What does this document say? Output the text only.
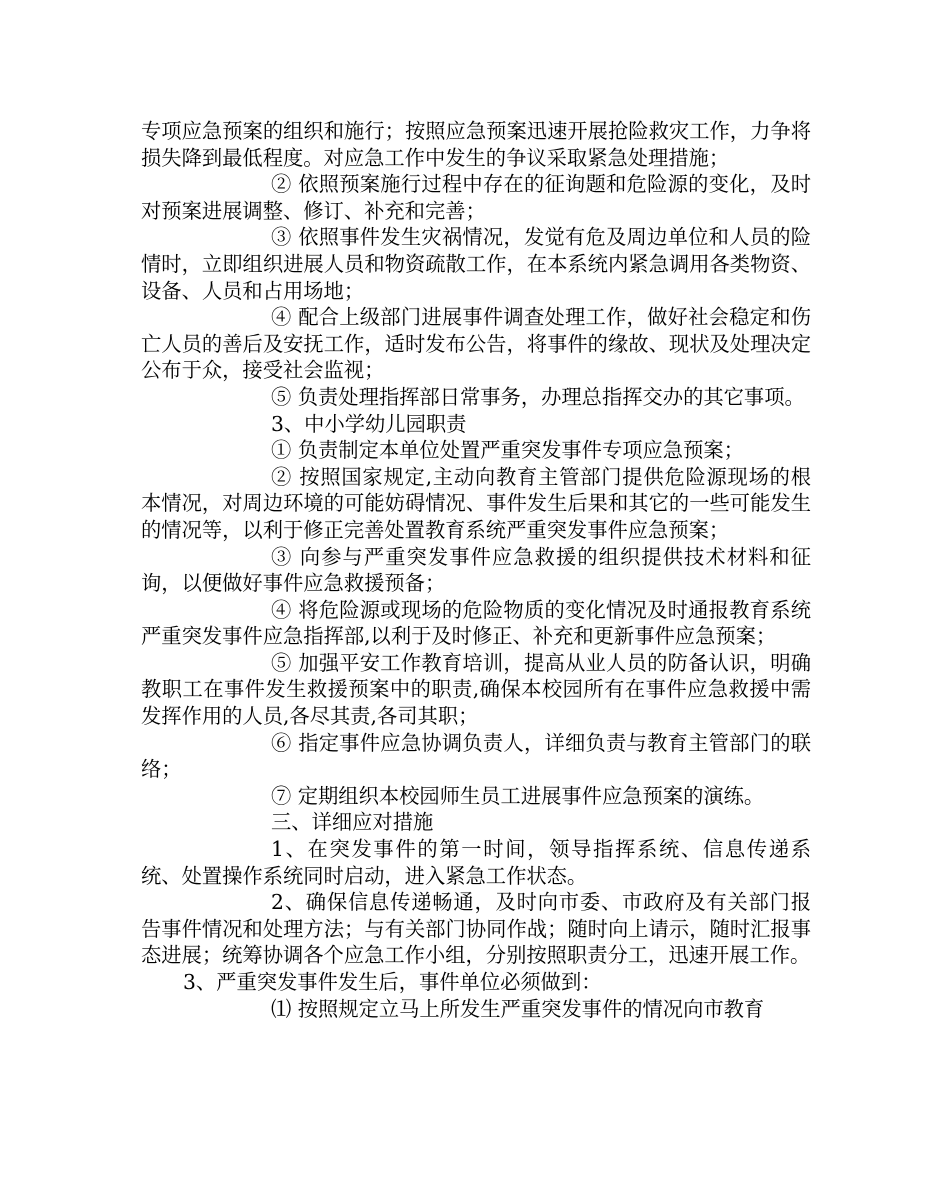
专项应急预案的组织和施行；按照应急预案迅速开展抢险救灾工作，力争将损失降到最低程度。对应急工作中发生的争议采取紧急处理措施；

② 依照预案施行过程中存在的征询题和危险源的变化，及时对预案进展调整、修订、补充和完善；

③ 依照事件发生灾祸情况，发觉有危及周边单位和人员的险情时，立即组织进展人员和物资疏散工作，在本系统内紧急调用各类物资、设备、人员和占用场地；

④ 配合上级部门进展事件调查处理工作，做好社会稳定和伤亡人员的善后及安抚工作，适时发布公告，将事件的缘故、现状及处理决定公布于众，接受社会监视；

⑤ 负责处理指挥部日常事务，办理总指挥交办的其它事项。

3、中小学幼儿园职责

① 负责制定本单位处置严重突发事件专项应急预案；

② 按照国家规定,主动向教育主管部门提供危险源现场的根本情况，对周边环境的可能妨碍情况、事件发生后果和其它的一些可能发生的情况等，以利于修正完善处置教育系统严重突发事件应急预案；

③ 向参与严重突发事件应急救援的组织提供技术材料和征询，以便做好事件应急救援预备；

④ 将危险源或现场的危险物质的变化情况及时通报教育系统严重突发事件应急指挥部,以利于及时修正、补充和更新事件应急预案；

⑤ 加强平安工作教育培训，提高从业人员的防备认识，明确教职工在事件发生救援预案中的职责,确保本校园所有在事件应急救援中需发挥作用的人员,各尽其责,各司其职；

⑥ 指定事件应急协调负责人，详细负责与教育主管部门的联络；

⑦ 定期组织本校园师生员工进展事件应急预案的演练。

三、详细应对措施

1、在突发事件的第一时间，领导指挥系统、信息传递系统、处置操作系统同时启动，进入紧急工作状态。

2、确保信息传递畅通，及时向市委、市政府及有关部门报告事件情况和处理方法；与有关部门协同作战；随时向上请示，随时汇报事态进展；统筹协调各个应急工作小组，分别按照职责分工，迅速开展工作。

3、严重突发事件发生后，事件单位必须做到：

⑴ 按照规定立马上所发生严重突发事件的情况向市教育
